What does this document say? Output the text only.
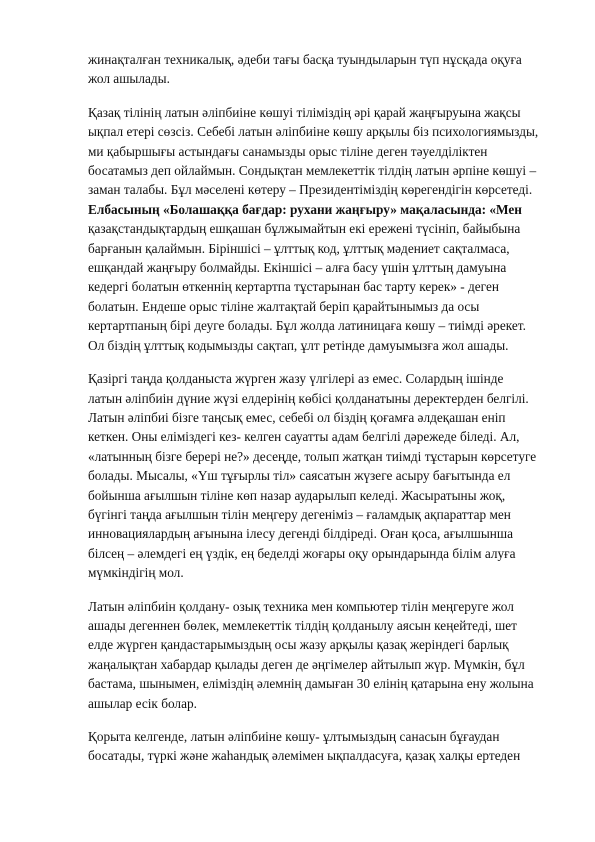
жинақталған техникалық, әдеби тағы басқа туындыларын түп нұсқада оқуға
жол ашылады.
Қазақ тілінің латын әліпбиіне көшуі тіліміздің әрі қарай жаңғыруына жақсы
ықпал етері сөзсіз. Себебі латын әліпбиіне көшу арқылы біз психологиямызды,
ми қабыршығы астындағы санамызды орыс тіліне деген тәуелділіктен
босатамыз деп ойлаймын. Сондықтан мемлекеттік тілдің латын әрпіне көшуі –
заман талабы. Бұл мәселені көтеру – Президентіміздің көрегендігін көрсетеді.
Елбасының «Болашаққа бағдар: рухани жаңғыру» мақаласында: «Мен
қазақстандықтардың ешқашан бұлжымайтын екі ережені түсініп, байыбына
барғанын қалаймын. Біріншісі – ұлттық код, ұлттық мәдениет сақталмаса,
ешқандай жаңғыру болмайды. Екіншісі – алға басу үшін ұлттың дамуына
кедергі болатын өткеннің кертартпа тұстарынан бас тарту керек» - деген
болатын. Ендеше орыс тіліне жалтақтай беріп қарайтынымыз да осы
кертартпаның бірі деуге болады. Бұл жолда латиницаға көшу – тиімді әрекет.
Ол біздің ұлттық кодымызды сақтап, ұлт ретінде дамуымызға жол ашады.
Қазіргі таңда қолданыста жүрген жазу үлгілері аз емес. Солардың ішінде
латын әліпбиін дүние жүзі елдерінің көбісі қолданатыны деректерден белгілі.
Латын әліпбиі бізге таңсық емес, себебі ол біздің қоғамға әлдеқашан еніп
кеткен. Оны еліміздегі кез- келген сауатты адам белгілі дәрежеде біледі. Ал,
«латынның бізге берері не?» десеңде, толып жатқан тиімді тұстарын көрсетуге
болады. Мысалы, «Үш тұғырлы тіл» саясатын жүзеге асыру бағытында ел
бойынша ағылшын тіліне көп назар аударылып келеді. Жасыратыны жоқ,
бүгінгі таңда ағылшын тілін меңгеру дегеніміз – ғаламдық ақпараттар мен
инновациялардың ағынына ілесу дегенді білдіреді. Оған қоса, ағылшынша
білсең – әлемдегі ең үздік, ең беделді жоғары оқу орындарында білім алуға
мүмкіндігің мол.
Латын әліпбиін қолдану- озық техника мен компьютер тілін меңгеруге жол
ашады дегеннен бөлек, мемлекеттік тілдің қолданылу аясын кеңейтеді, шет
елде жүрген қандастарымыздың осы жазу арқылы қазақ жеріндегі барлық
жаңалықтан хабардар қылады деген де әңгімелер айтылып жүр. Мүмкін, бұл
бастама, шынымен, еліміздің әлемнің дамыған 30 елінің қатарына ену жолына
ашылар есік болар.
Қорыта келгенде, латын әліпбиіне көшу- ұлтымыздың санасын бұғаудан
босатады, түркі және жаһандық әлемімен ықпалдасуға, қазақ халқы ертеден
